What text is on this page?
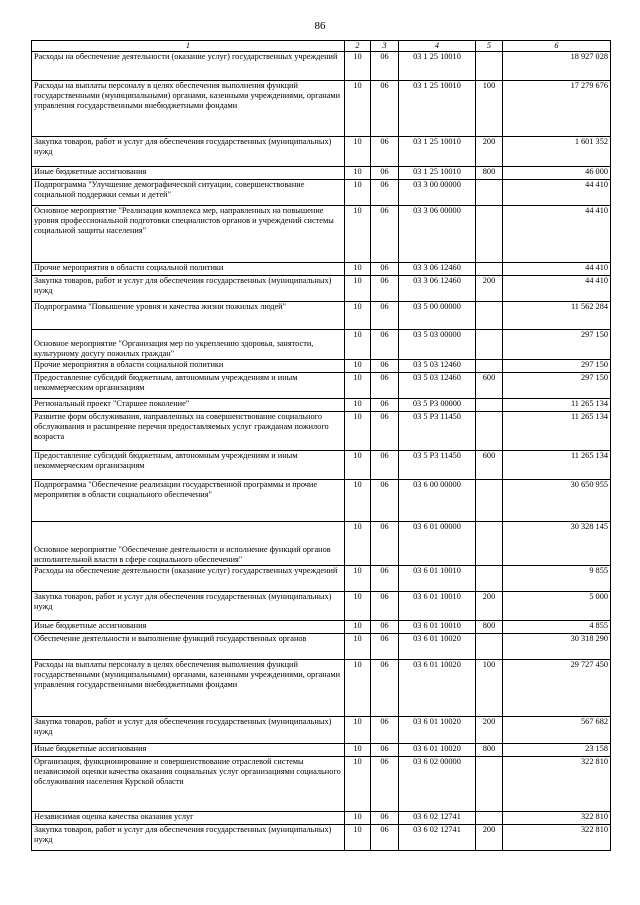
86
1	2	3	4	5	6
Расходы на обеспечение деятельности (оказание услуг) государственных учреждений	10	06	03 1 25 10010		18 927 028
Расходы на выплаты персоналу в целях обеспечения выполнения функций государственными (муниципальными) органами, казенными учреждениями, органами управления государственными внебюджетными фондами	10	06	03 1 25 10010	100	17 279 676
Закупка товаров, работ и услуг для обеспечения государственных (муниципальных) нужд	10	06	03 1 25 10010	200	1 601 352
Иные бюджетные ассигнования	10	06	03 1 25 10010	800	46 000
Подпрограмма "Улучшение демографической ситуации, совершенствование социальной поддержки семьи и детей"	10	06	03 3 00 00000		44 410
Основное мероприятие "Реализация комплекса мер, направленных на повышение уровня профессиональной подготовки специалистов органов и учреждений системы социальной защиты населения"	10	06	03 3 06 00000		44 410
Прочие мероприятия в области социальной политики	10	06	03 3 06 12460		44 410
Закупка товаров, работ и услуг для обеспечения государственных (муниципальных) нужд	10	06	03 3 06 12460	200	44 410
Подпрограмма "Повышение уровня и качества жизни пожилых людей"	10	06	03 5 00 00000		11 562 284
Основное мероприятие "Организация мер по укреплению здоровья, занятости, культурному досугу пожилых граждан"	10	06	03 5 03 00000		297 150
Прочие мероприятия в области социальной политики	10	06	03 5 03 12460		297 150
Предоставление субсидий бюджетным, автономным учреждениям и иным некоммерческим организациям	10	06	03 5 03 12460	600	297 150
Региональный проект "Старшее поколение"	10	06	03 5 P3 00000		11 265 134
Развитие форм обслуживания, направленных на совершенствование социального обслуживания и расширение перечня предоставляемых услуг гражданам пожилого возраста	10	06	03 5 P3 11450		11 265 134
Предоставление субсидий бюджетным, автономным учреждениям и иным некоммерческим организациям	10	06	03 5 P3 11450	600	11 265 134
Подпрограмма "Обеспечение реализации государственной программы и прочие мероприятия в области социального обеспечения"	10	06	03 6 00 00000		30 650 955
Основное мероприятие "Обеспечение деятельности и исполнение функций органов исполнительной власти в сфере социального обеспечения"	10	06	03 6 01 00000		30 328 145
Расходы на обеспечение деятельности (оказание услуг) государственных учреждений	10	06	03 6 01 10010		9 855
Закупка товаров, работ и услуг для обеспечения государственных (муниципальных) нужд	10	06	03 6 01 10010	200	5 000
Иные бюджетные ассигнования	10	06	03 6 01 10010	800	4 855
Обеспечение деятельности и выполнение функций государственных органов	10	06	03 6 01 10020		30 318 290
Расходы на выплаты персоналу в целях обеспечения выполнения функций государственными (муниципальными) органами, казенными учреждениями, органами управления государственными внебюджетными фондами	10	06	03 6 01 10020	100	29 727 450
Закупка товаров, работ и услуг для обеспечения государственных (муниципальных) нужд	10	06	03 6 01 10020	200	567 682
Иные бюджетные ассигнования	10	06	03 6 01 10020	800	23 158
Организация, функционирование и совершенствование отраслевой системы независимой оценки качества оказания социальных услуг организациями социального обслуживания населения Курской области	10	06	03 6 02 00000		322 810
Независимая оценка качества оказания услуг	10	06	03 6 02 12741		322 810
Закупка товаров, работ и услуг для обеспечения государственных (муниципальных) нужд	10	06	03 6 02 12741	200	322 810
